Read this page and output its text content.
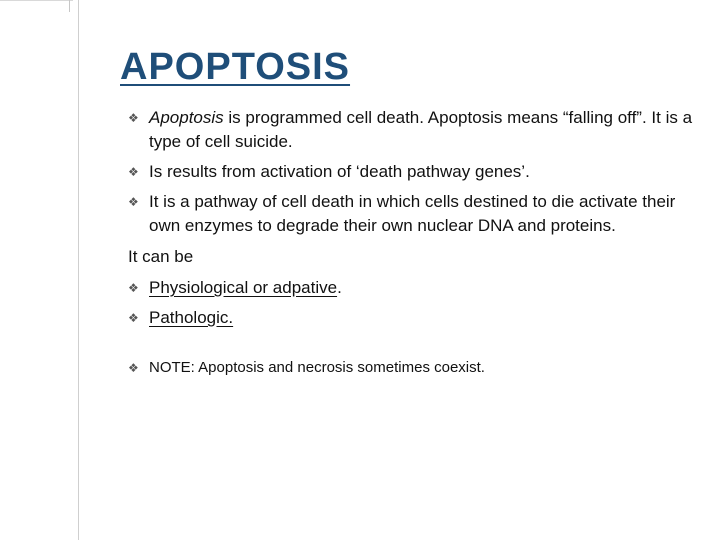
APOPTOSIS
❖ Apoptosis is programmed cell death. Apoptosis means “falling off”. It is a type of cell suicide.
❖ Is results from activation of ‘death pathway genes’.
❖ It is a pathway of cell death in which cells destined to die activate their own enzymes to degrade their own nuclear DNA and proteins.
It can be
❖ Physiological or adpative.
❖ Pathologic.
❖ NOTE: Apoptosis and necrosis sometimes coexist.
